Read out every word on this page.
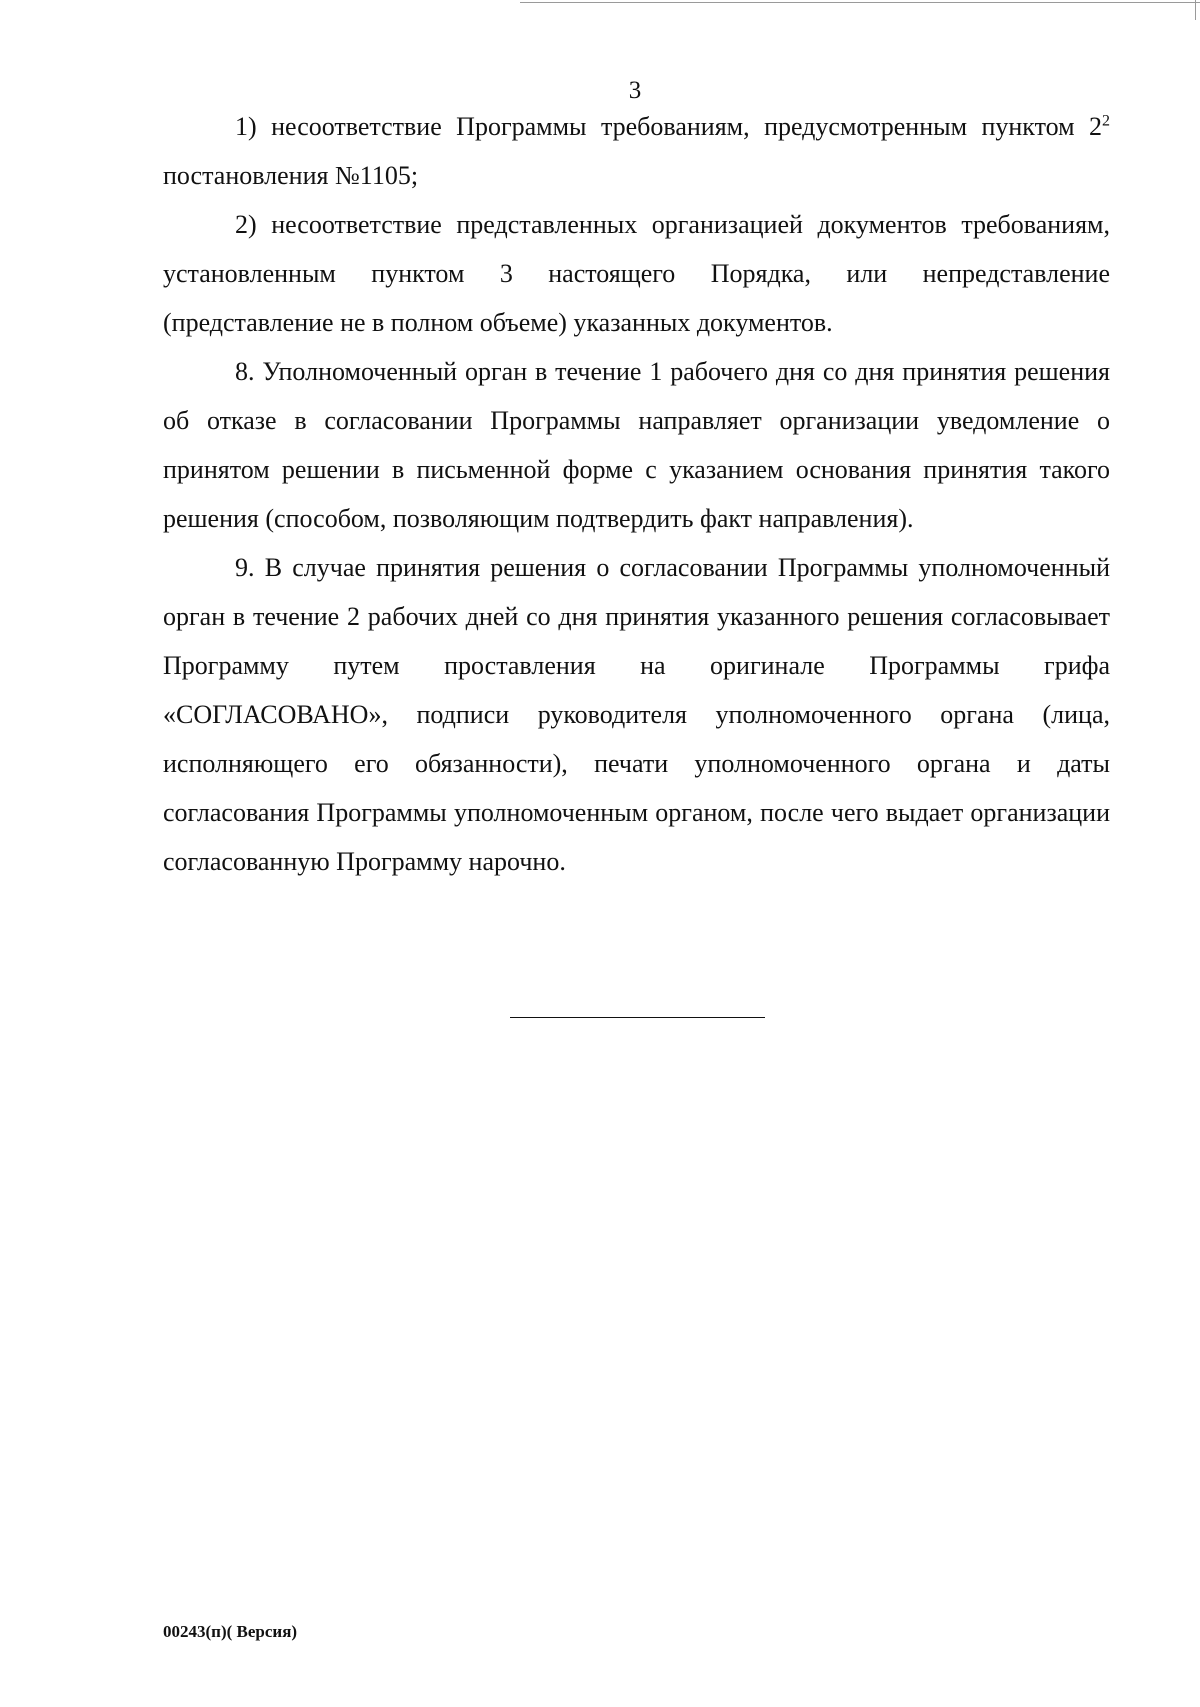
3

1) несоответствие Программы требованиям, предусмотренным пунктом $2^2$ постановления №1105;

2) несоответствие представленных организацией документов требованиям, установленным пунктом 3 настоящего Порядка, или непредставление (представление не в полном объеме) указанных документов.

8. Уполномоченный орган в течение 1 рабочего дня со дня принятия решения об отказе в согласовании Программы направляет организации уведомление о принятом решении в письменной форме с указанием основания принятия такого решения (способом, позволяющим подтвердить факт направления).

9. В случае принятия решения о согласовании Программы уполномоченный орган в течение 2 рабочих дней со дня принятия указанного решения согласовывает Программу путем проставления на оригинале Программы грифа «СОГЛАСОВАНО», подписи руководителя уполномоченного органа (лица, исполняющего его обязанности), печати уполномоченного органа и даты согласования Программы уполномоченным органом, после чего выдает организации согласованную Программу нарочно.

00243(п)( Версия)
